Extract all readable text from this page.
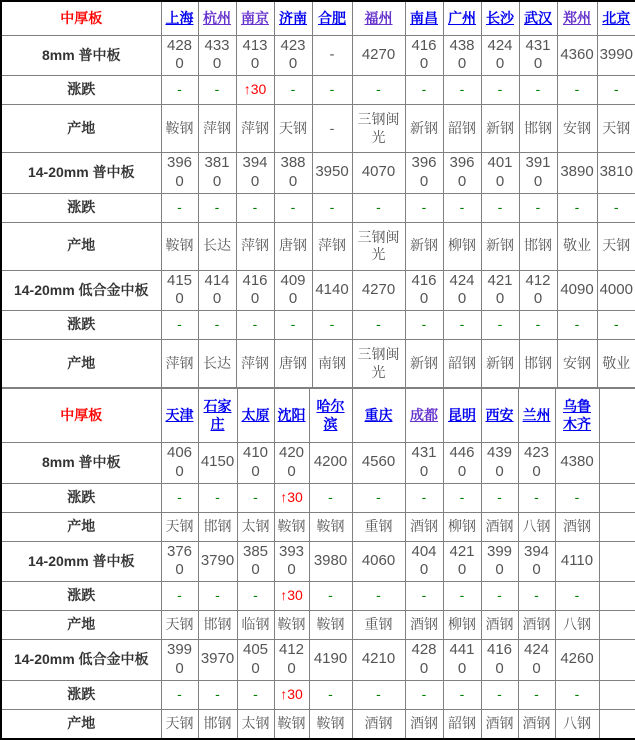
中厚板	上海	杭州	南京	济南	合肥	福州	南昌	广州	长沙	武汉	郑州	北京
8mm 普中板	4280	4330	4130	4230	-	4270	4160	4380	4240	4310	4360	3990
涨跌	-	-	↑30	-	-	-	-	-	-	-	-	-
产地	鞍钢	萍钢	萍钢	天钢	-	三钢闽光	新钢	韶钢	新钢	邯钢	安钢	天钢
14-20mm 普中板	3960	3810	3940	3880	3950	4070	3960	3960	4010	3910	3890	3810
涨跌	-	-	-	-	-	-	-	-	-	-	-	-
产地	鞍钢	长达	萍钢	唐钢	萍钢	三钢闽光	新钢	柳钢	新钢	邯钢	敬业	天钢
14-20mm 低合金中板	4150	4140	4160	4090	4140	4270	4160	4240	4210	4120	4090	4000
涨跌	-	-	-	-	-	-	-	-	-	-	-	-
产地	萍钢	长达	萍钢	唐钢	南钢	三钢闽光	新钢	韶钢	新钢	邯钢	安钢	敬业
中厚板	天津	石家庄	太原	沈阳	哈尔滨	重庆	成都	昆明	西安	兰州	乌鲁木齐	
8mm 普中板	4060	4150	4100	4200	4200	4560	4310	4460	4390	4230	4380	
涨跌	-	-	-	↑30	-	-	-	-	-	-	-	
产地	天钢	邯钢	太钢	鞍钢	鞍钢	重钢	酒钢	柳钢	酒钢	八钢	酒钢	
14-20mm 普中板	3760	3790	3850	3930	3980	4060	4040	4210	3990	3940	4110	
涨跌	-	-	-	↑30	-	-	-	-	-	-	-	
产地	天钢	邯钢	临钢	鞍钢	鞍钢	重钢	酒钢	柳钢	酒钢	酒钢	八钢	
14-20mm 低合金中板	3990	3970	4050	4120	4190	4210	4280	4410	4160	4240	4260	
涨跌	-	-	-	↑30	-	-	-	-	-	-	-	
产地	天钢	邯钢	太钢	鞍钢	鞍钢	酒钢	酒钢	韶钢	酒钢	酒钢	八钢	
